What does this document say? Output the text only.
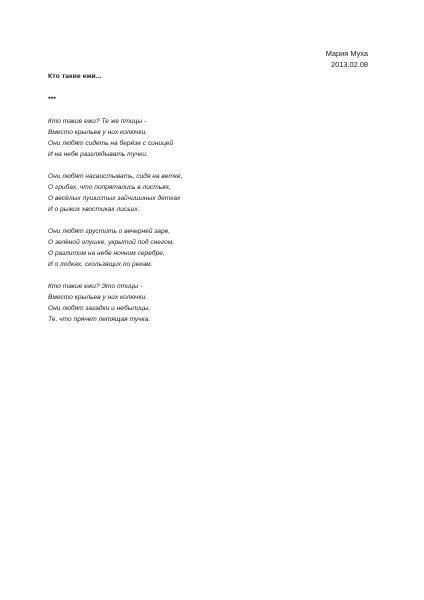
Мария Муха
2013.02.08
Кто такие ежи...
***
Кто такие ежи? Те же птицы -
Вместо крыльев у них колючки,
Они любят сидеть на берёзе с синицей
И на небе разглядывать тучки.
Они любят насвистывать, сидя на ветке,
О грибах, что попрятались в листьях,
О весёлых пушистых зайчишиных детках
И о рыжих хвостиках лисьих.
Они любят грустить о вечерней заре,
О зелёной опушке, укрытой под снегом,
О разлитом на небе ночном серебре,
И о лодках, скользящих по рекам.
Кто такие ежи? Это птицы -
Вместо крыльев у них колючки.
Они любят загадки и небылицы,
Те, что прячет летящая тучка.
